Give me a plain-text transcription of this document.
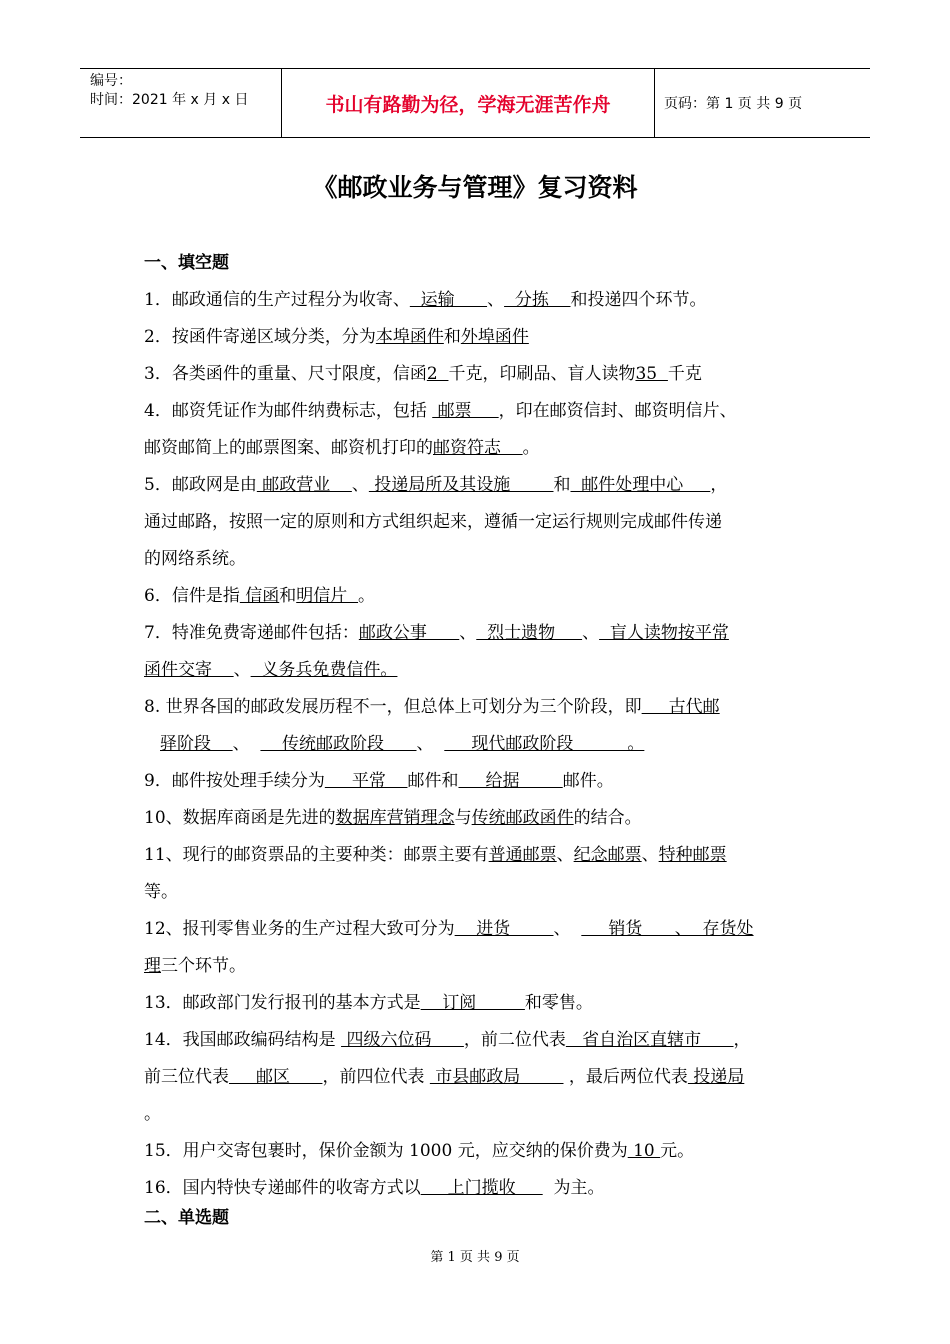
编号：
时间：2021 年 x 月 x 日	书山有路勤为径，学海无涯苦作舟	页码：第 1 页 共 9 页
《邮政业务与管理》复习资料
一、填空题
二、单选题
1．邮政通信的生产过程分为收寄、  运输      、  分拣    和投递四个环节。
2．按函件寄递区域分类，分为本埠函件和外埠函件
3．各类函件的重量、尺寸限度，信函2  千克，印刷品、盲人读物35  千克
4．邮资凭证作为邮件纳费标志，包括  邮票     ，印在邮资信封、邮资明信片、
邮资邮简上的邮票图案、邮资机打印的邮资符志    。
5．邮政网是由 邮政营业    、 投递局所及其设施        和  邮件处理中心     ，
通过邮路，按照一定的原则和方式组织起来，遵循一定运行规则完成邮件传递
的网络系统。
6．信件是指 信函和明信片  。
7．特准免费寄递邮件包括：邮政公事      、  烈士遗物     、  盲人读物按平常
函件交寄    、  义务兵免费信件。
8. 世界各国的邮政发展历程不一，但总体上可划分为三个阶段，即     古代邮
驿阶段    、      传统邮政阶段      、       现代邮政阶段          。
9．邮件按处理手续分为     平常    邮件和     给据        邮件。
10、数据库商函是先进的数据库营销理念与传统邮政函件的结合。
11、现行的邮资票品的主要种类：邮票主要有普通邮票、纪念邮票、特种邮票
等。
12、报刊零售业务的生产过程大致可分为    进货        、       销货      、  存货处
理三个环节。
13．邮政部门发行报刊的基本方式是    订阅         和零售。
14．我国邮政编码结构是  四级六位码      ，前二位代表   省自治区直辖市      ，
前三位代表     邮区      ，前四位代表  市县邮政局         ，最后两位代表 投递局
。
15．用户交寄包裹时，保价金额为 1000 元，应交纳的保价费为 10 元。
16．国内特快专递邮件的收寄方式以     上门揽收       为主。
第 1 页 共 9 页
